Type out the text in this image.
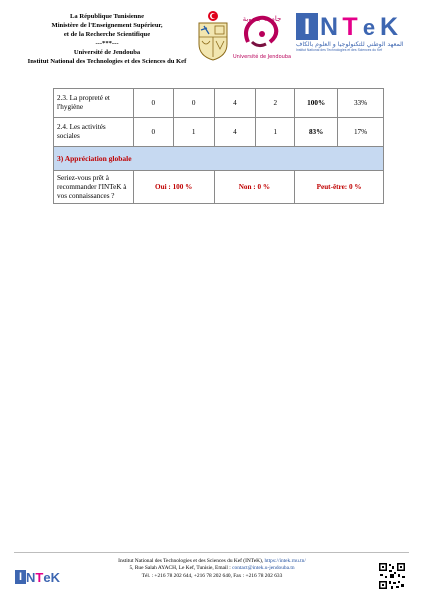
La République Tunisienne
Ministère de l'Enseignement Supérieur,
et de la Recherche Scientifique
---***---
Université de Jendouba
Institut National des Technologies et des Sciences du Kef
جامعة جندوبة
Université de Jendouba
I N T e K
المعهد الوطني للتكنولوجيا و العلوم بالكاف
Institut National des Technologies et des Sciences du Kef
2.3. La propreté et l'hygiène	0	0	4	2	100%	33%
2.4. Les activités sociales	0	1	4	1	83%	17%
3) Appréciation globale						
Seriez-vous prêt à recommander l'INTeK à vos connaissances ?	Oui : 100 %		Non : 0 %		Peut-être: 0 %	
I N T e K
Institut National des Technologies et des Sciences du Kef (INTeK), https://intek.rnu.tn/
5, Rue Salah AYACH, Le Kef, Tunisie, Email : contact@intek.u-jendouba.tn
Tél. : +216 78 202 644, +216 78 202 640, Fax : +216 78 202 633
